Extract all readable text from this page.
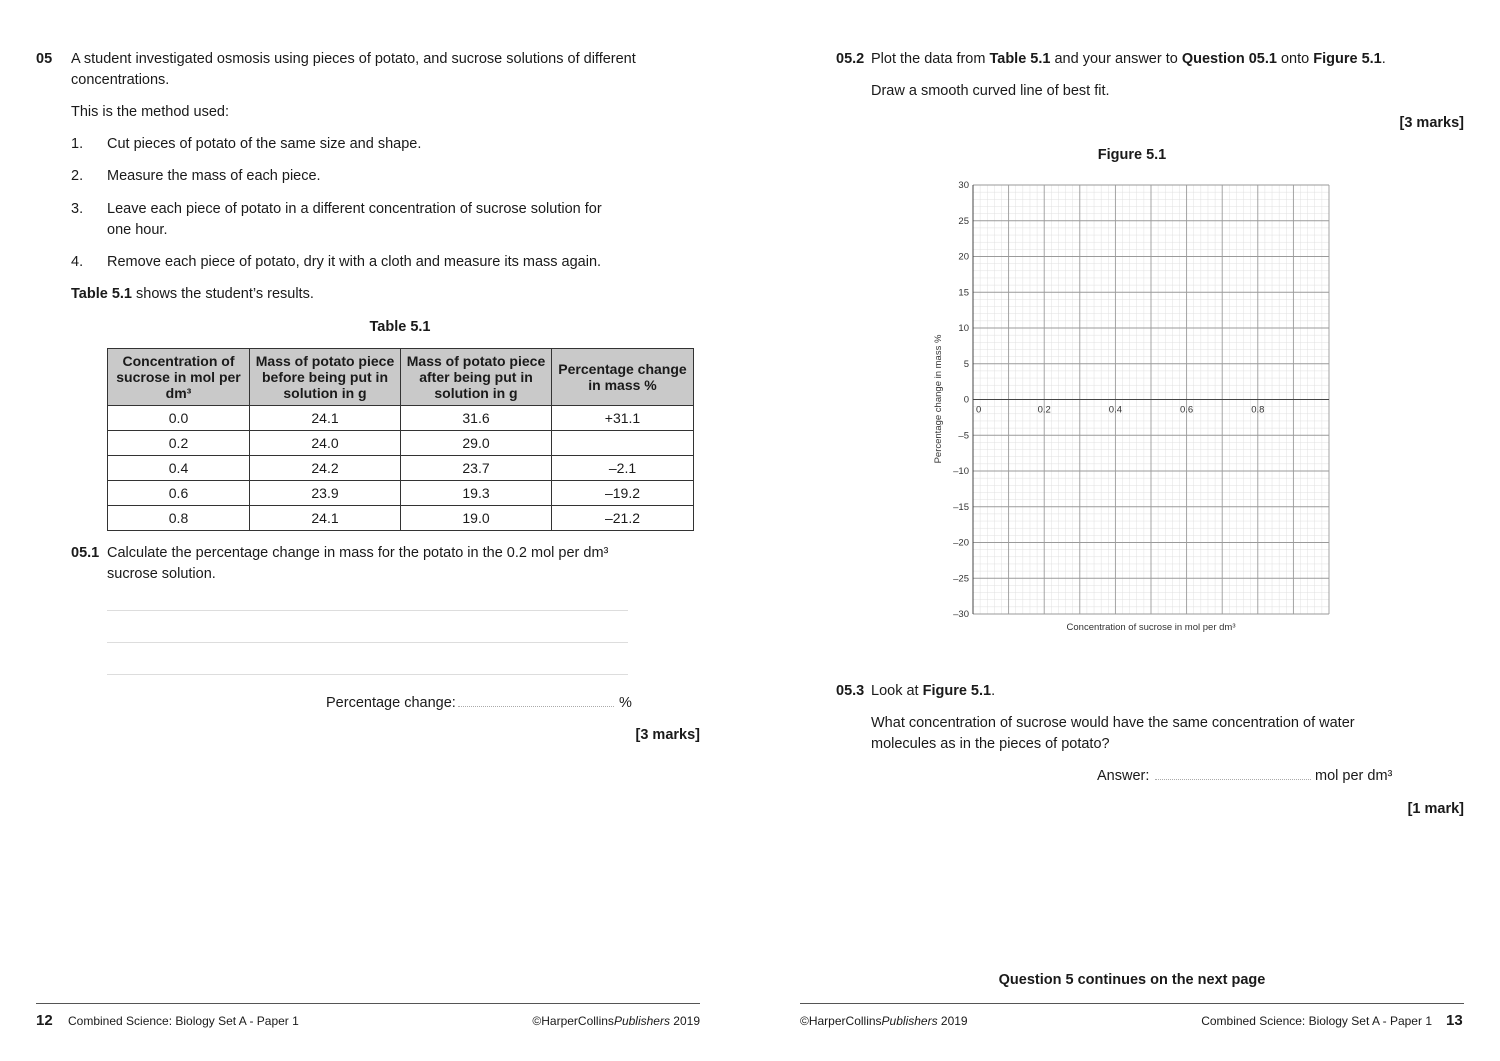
05 A student investigated osmosis using pieces of potato, and sucrose solutions of different concentrations.
This is the method used:
1. Cut pieces of potato of the same size and shape.
2. Measure the mass of each piece.
3. Leave each piece of potato in a different concentration of sucrose solution for one hour.
4. Remove each piece of potato, dry it with a cloth and measure its mass again.
Table 5.1 shows the student’s results.
Table 5.1
Concentration of sucrose in mol per dm³	Mass of potato piece before being put in solution in g	Mass of potato piece after being put in solution in g	Percentage change in mass %

0.0	24.1	31.6	+31.1
0.2	24.0	29.0	
0.4	24.2	23.7	–2.1
0.6	23.9	19.3	–19.2
0.8	24.1	19.0	–21.2
05.1 Calculate the percentage change in mass for the potato in the 0.2 mol per dm³ sucrose solution.
Percentage change:	%
[3 marks]
12 Combined Science: Biology Set A - Paper 1	©HarperCollinsPublishers 2019
05.2 Plot the data from Table 5.1 and your answer to Question 05.1 onto Figure 5.1.
Draw a smooth curved line of best fit.
[3 marks]
Figure 5.1
30
25
20
15
10
5
0
–5
–10
–15
–20
–25
–30
0	0.2	0.4	0.6	0.8
Percentage change in mass %
Concentration of sucrose in mol per dm³
05.3 Look at Figure 5.1.
What concentration of sucrose would have the same concentration of water molecules as in the pieces of potato?
Answer:	mol per dm³
[1 mark]
Question 5 continues on the next page
©HarperCollinsPublishers 2019	Combined Science: Biology Set A - Paper 1 13
